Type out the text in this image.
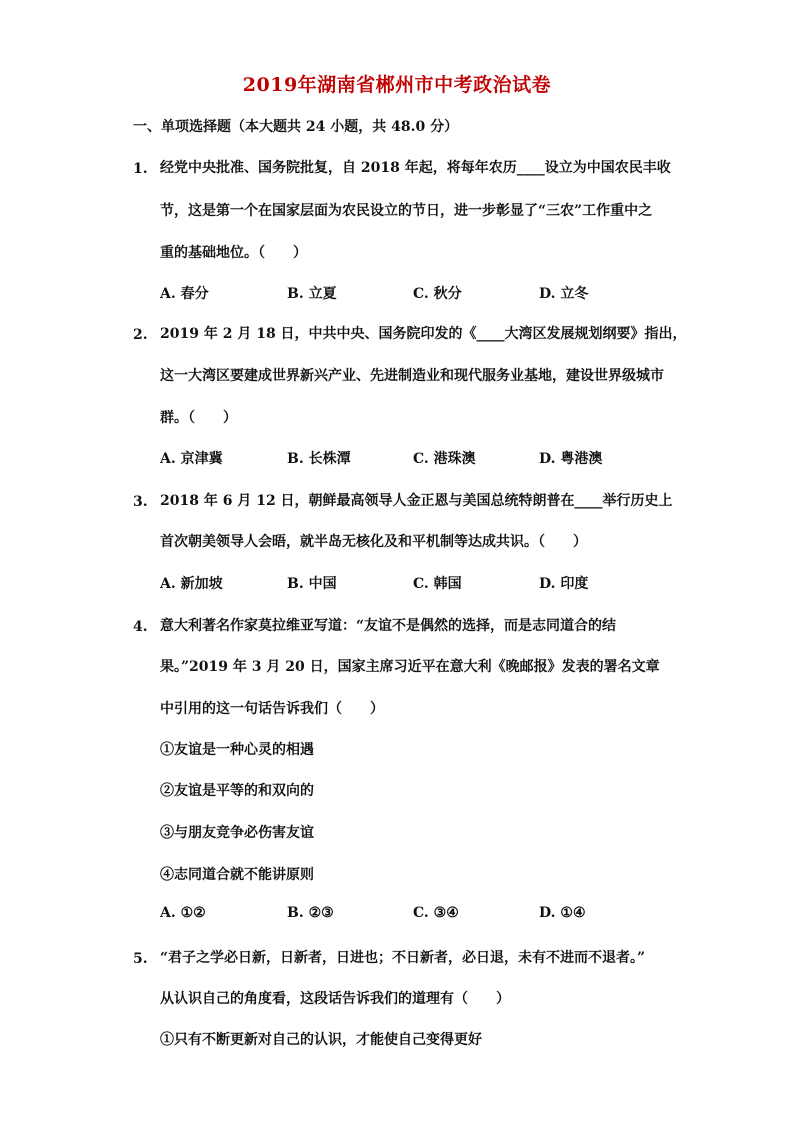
2019年湖南省郴州市中考政治试卷
一、单项选择题（本大题共 24 小题，共 48.0 分）
1. 经党中央批准、国务院批复，自 2018 年起，将每年农历____设立为中国农民丰收
节，这是第一个在国家层面为农民设立的节日，进一步彰显了“三农”工作重中之
重的基础地位。（　　）
A. 春分	B. 立夏	C. 秋分	D. 立冬
2. 2019 年 2 月 18 日，中共中央、国务院印发的《____大湾区发展规划纲要》指出，
这一大湾区要建成世界新兴产业、先进制造业和现代服务业基地，建设世界级城市
群。（　　）
A. 京津冀	B. 长株潭	C. 港珠澳	D. 粤港澳
3. 2018 年 6 月 12 日，朝鲜最高领导人金正恩与美国总统特朗普在____举行历史上
首次朝美领导人会晤，就半岛无核化及和平机制等达成共识。（　　）
A. 新加坡	B. 中国	C. 韩国	D. 印度
4. 意大利著名作家莫拉维亚写道：“友谊不是偶然的选择，而是志同道合的结
果。”2019 年 3 月 20 日，国家主席习近平在意大利《晚邮报》发表的署名文章
中引用的这一句话告诉我们（　　）
①友谊是一种心灵的相遇
②友谊是平等的和双向的
③与朋友竞争必伤害友谊
④志同道合就不能讲原则
A. ①②	B. ②③	C. ③④	D. ①④
5. “君子之学必日新，日新者，日进也；不日新者，必日退，未有不进而不退者。”
从认识自己的角度看，这段话告诉我们的道理有（　　）
①只有不断更新对自己的认识，才能使自己变得更好
